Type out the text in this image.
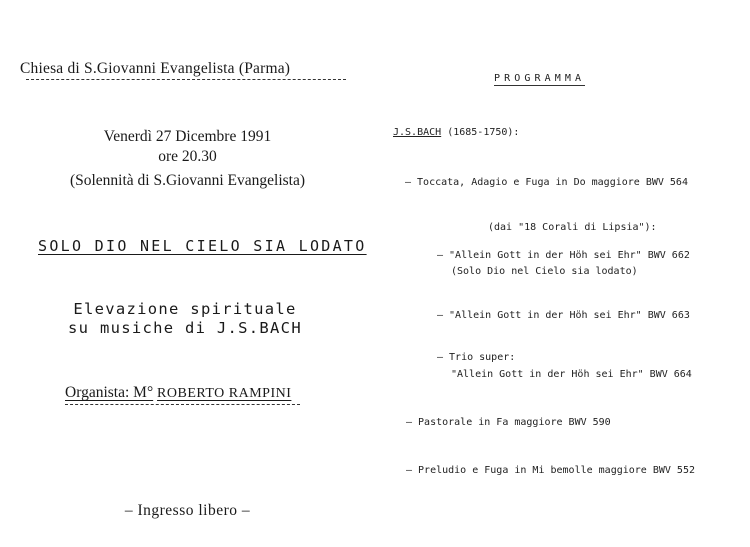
Chiesa di S.Giovanni Evangelista (Parma)
Venerdì 27 Dicembre 1991
ore 20.30
(Solennità di S.Giovanni Evangelista)
SOLO DIO NEL CIELO SIA LODATO
Elevazione spirituale
su musiche di J.S.BACH
Organista: M° ROBERTO RAMPINI
– Ingresso libero –
PROGRAMMA
J.S.BACH (1685-1750):
– Toccata, Adagio e Fuga in Do maggiore BWV 564
(dai "18 Corali di Lipsia"):
– "Allein Gott in der Höh sei Ehr" BWV 662
(Solo Dio nel Cielo sia lodato)
– "Allein Gott in der Höh sei Ehr" BWV 663
– Trio super:
"Allein Gott in der Höh sei Ehr" BWV 664
– Pastorale in Fa maggiore BWV 590
– Preludio e Fuga in Mi bemolle maggiore BWV 552
